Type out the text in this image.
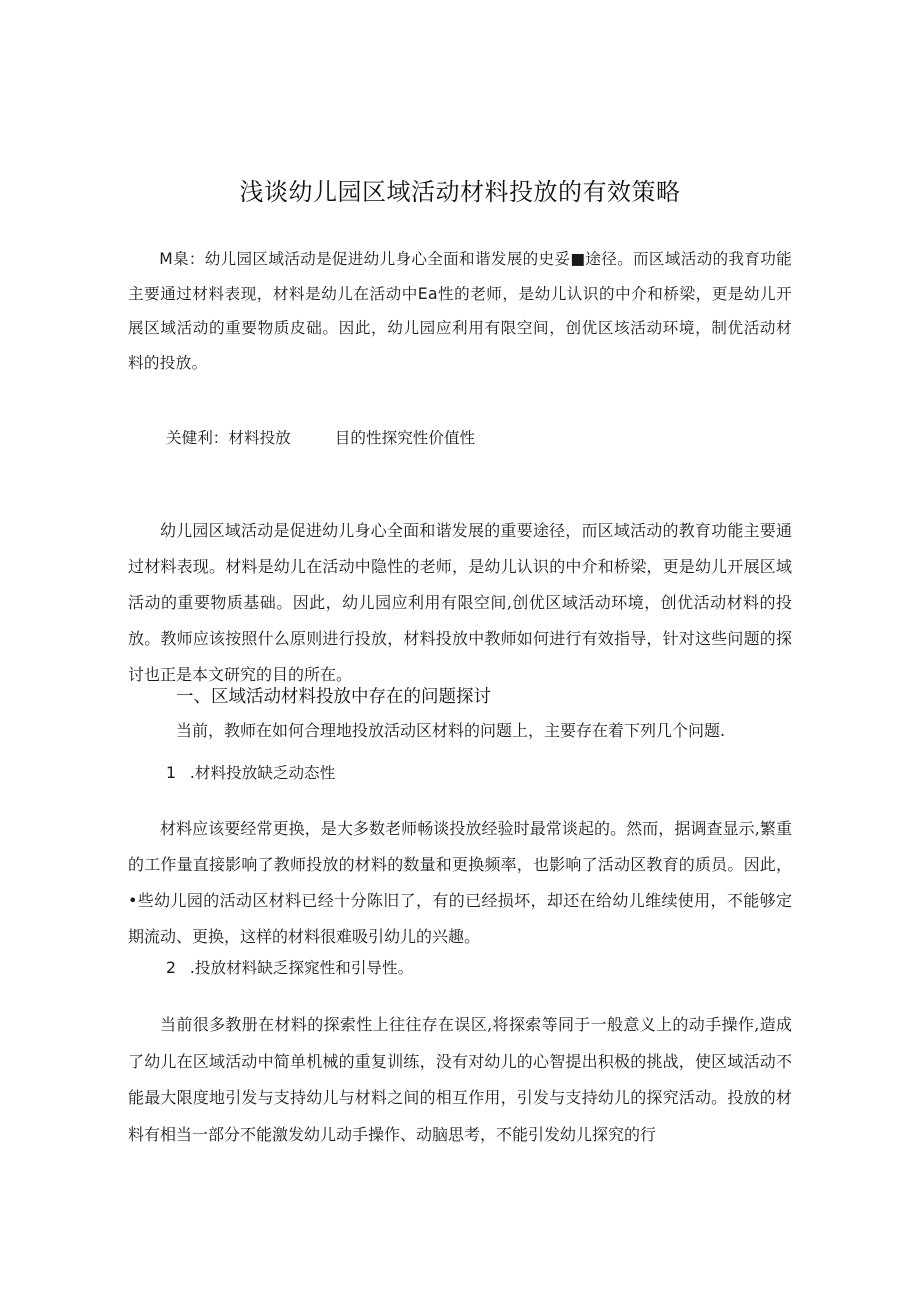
浅谈幼儿园区域活动材料投放的有效策略

M臬：幼儿园区域活动是促进幼儿身心全面和谐发展的史妥■途径。而区域活动的我育功能主要通过材料表现，材料是幼儿在活动中Ea性的老师，是幼儿认识的中介和桥梁，更是幼儿开展区域活动的重要物质皮础。因此，幼儿园应利用有限空间，创优区垓活动环境，制优活动材料的投放。

关健利：材料投放	目的性探究性价值性

幼儿园区域活动是促进幼儿身心全面和谐发展的重要途径，而区域活动的教育功能主要通过材料表现。材料是幼儿在活动中隐性的老师，是幼儿认识的中介和桥梁，更是幼儿开展区域活动的重要物质基础。因此，幼儿园应利用有限空间,创优区域活动环境，创优活动材料的投放。教师应该按照什么原则进行投放，材料投放中教师如何进行有效指导，针对这些问题的探讨也正是本文研究的目的所在。

一、区域活动材料投放中存在的问题探讨
当前，教师在如何合理地投放活动区材料的问题上，主要存在着下列几个问题.
1 .材料投放缺乏动态性

材料应该要经常更换，是大多数老师畅谈投放经验时最常谈起的。然而，据调查显示,繁重的工作量直接影响了教师投放的材料的数量和更换频率，也影响了活动区教育的质员。因此，•些幼儿园的活动区材料已经十分陈旧了，有的已经损坏，却还在给幼儿维续使用，不能够定期流动、更换，这样的材料很难吸引幼儿的兴趣。

2 .投放材料缺乏探窕性和引导性。

当前很多教册在材料的探索性上往往存在误区,将探索等同于一般意义上的动手操作,造成了幼儿在区域活动中简单机械的重复训练，没有对幼儿的心智提出积极的挑战，使区域活动不能最大限度地引发与支持幼儿与材料之间的相互作用，引发与支持幼儿的探究活动。投放的材料有相当一部分不能激发幼儿动手操作、动脑思考，不能引发幼儿探究的行
